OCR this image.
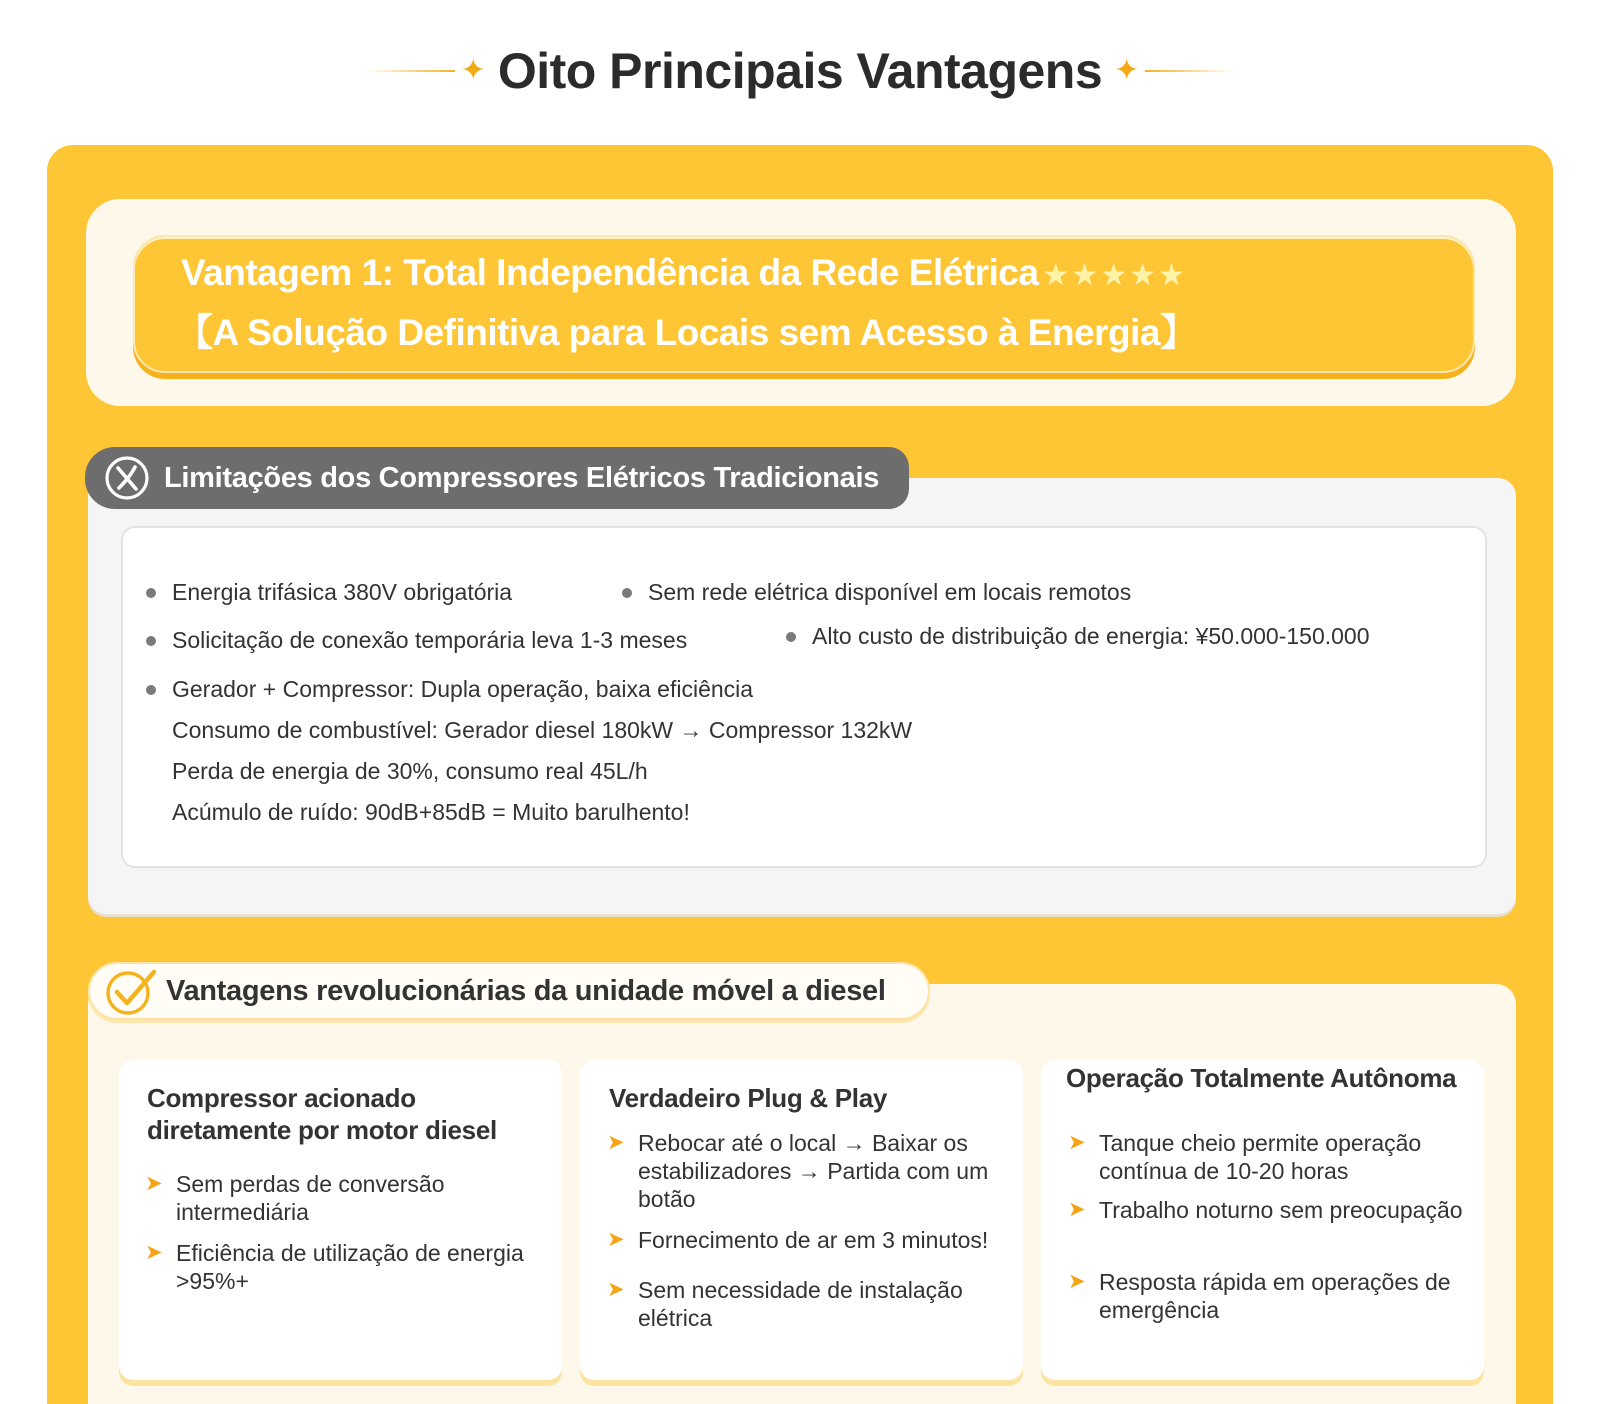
✦ Oito Principais Vantagens ✦
Vantagem 1: Total Independência da Rede Elétrica ★★★★★
【A Solução Definitiva para Locais sem Acesso à Energia】
Limitações dos Compressores Elétricos Tradicionais
Energia trifásica 380V obrigatória	Sem rede elétrica disponível em locais remotos
Solicitação de conexão temporária leva 1-3 meses	Alto custo de distribuição de energia: ¥50.000-150.000
Gerador + Compressor: Dupla operação, baixa eficiência
Consumo de combustível: Gerador diesel 180kW → Compressor 132kW
Perda de energia de 30%, consumo real 45L/h
Acúmulo de ruído: 90dB+85dB = Muito barulhento!
Vantagens revolucionárias da unidade móvel a diesel
Compressor acionado diretamente por motor diesel
➤ Sem perdas de conversão intermediária
➤ Eficiência de utilização de energia >95%+
Verdadeiro Plug & Play
➤ Rebocar até o local → Baixar os estabilizadores → Partida com um botão
➤ Fornecimento de ar em 3 minutos!
➤ Sem necessidade de instalação elétrica
Operação Totalmente Autônoma
➤ Tanque cheio permite operação contínua de 10-20 horas
➤ Trabalho noturno sem preocupação
➤ Resposta rápida em operações de emergência
